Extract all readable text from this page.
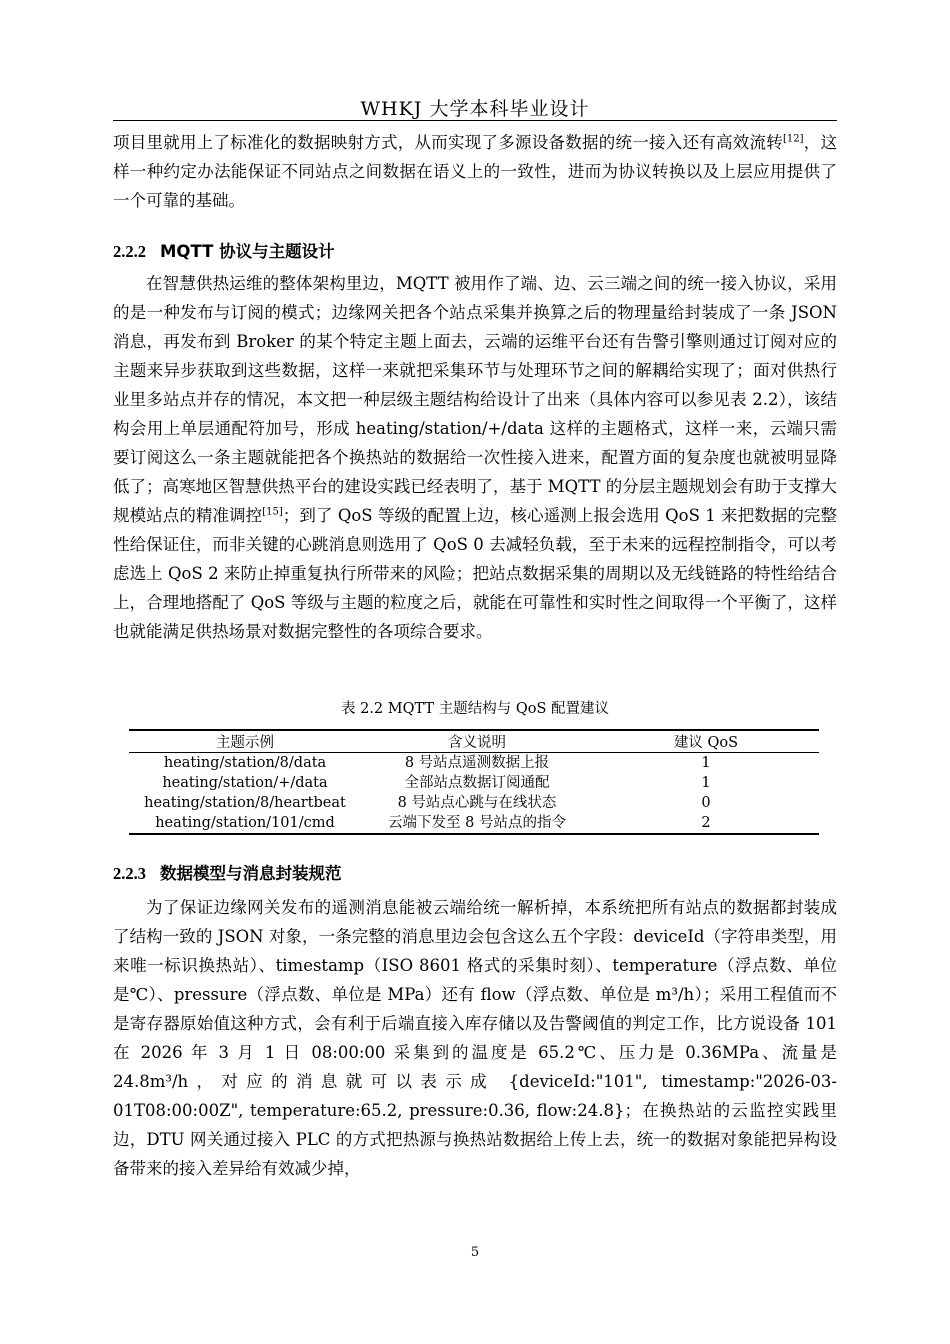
WHKJ 大学本科毕业设计

项目里就用上了标准化的数据映射方式，从而实现了多源设备数据的统一接入还有高效流转[12]，这样一种约定办法能保证不同站点之间数据在语义上的一致性，进而为协议转换以及上层应用提供了一个可靠的基础。

2.2.2 MQTT 协议与主题设计

在智慧供热运维的整体架构里边，MQTT 被用作了端、边、云三端之间的统一接入协议，采用的是一种发布与订阅的模式；边缘网关把各个站点采集并换算之后的物理量给封装成了一条 JSON 消息，再发布到 Broker 的某个特定主题上面去，云端的运维平台还有告警引擎则通过订阅对应的主题来异步获取到这些数据，这样一来就把采集环节与处理环节之间的解耦给实现了；面对供热行业里多站点并存的情况，本文把一种层级主题结构给设计了出来（具体内容可以参见表 2.2），该结构会用上单层通配符加号，形成 heating/station/+/data 这样的主题格式，这样一来，云端只需要订阅这么一条主题就能把各个换热站的数据给一次性接入进来，配置方面的复杂度也就被明显降低了；高寒地区智慧供热平台的建设实践已经表明了，基于 MQTT 的分层主题规划会有助于支撑大规模站点的精准调控[15]；到了 QoS 等级的配置上边，核心遥测上报会选用 QoS 1 来把数据的完整性给保证住，而非关键的心跳消息则选用了 QoS 0 去减轻负载，至于未来的远程控制指令，可以考虑选上 QoS 2 来防止掉重复执行所带来的风险；把站点数据采集的周期以及无线链路的特性给结合上，合理地搭配了 QoS 等级与主题的粒度之后，就能在可靠性和实时性之间取得一个平衡了，这样也就能满足供热场景对数据完整性的各项综合要求。

表 2.2 MQTT 主题结构与 QoS 配置建议
主题示例	含义说明	建议 QoS
heating/station/8/data	8 号站点遥测数据上报	1
heating/station/+/data	全部站点数据订阅通配	1
heating/station/8/heartbeat	8 号站点心跳与在线状态	0
heating/station/101/cmd	云端下发至 8 号站点的指令	2
2.2.3 数据模型与消息封装规范

为了保证边缘网关发布的遥测消息能被云端给统一解析掉，本系统把所有站点的数据都封装成了结构一致的 JSON 对象，一条完整的消息里边会包含这么五个字段：deviceId（字符串类型，用来唯一标识换热站）、timestamp（ISO 8601 格式的采集时刻）、temperature（浮点数、单位是℃）、pressure（浮点数、单位是 MPa）还有 flow（浮点数、单位是 m³/h）；采用工程值而不是寄存器原始值这种方式，会有利于后端直接入库存储以及告警阈值的判定工作，比方说设备 101 在 2026 年 3 月 1 日 08:00:00 采集到的温度是 65.2℃、压力是 0.36MPa、流量是 24.8m³/h，对应的消息就可以表示成 {deviceId:"101", timestamp:"2026-03-01T08:00:00Z", temperature:65.2, pressure:0.36, flow:24.8}；在换热站的云监控实践里边，DTU 网关通过接入 PLC 的方式把热源与换热站数据给上传上去，统一的数据对象能把异构设备带来的接入差异给有效减少掉，

5
